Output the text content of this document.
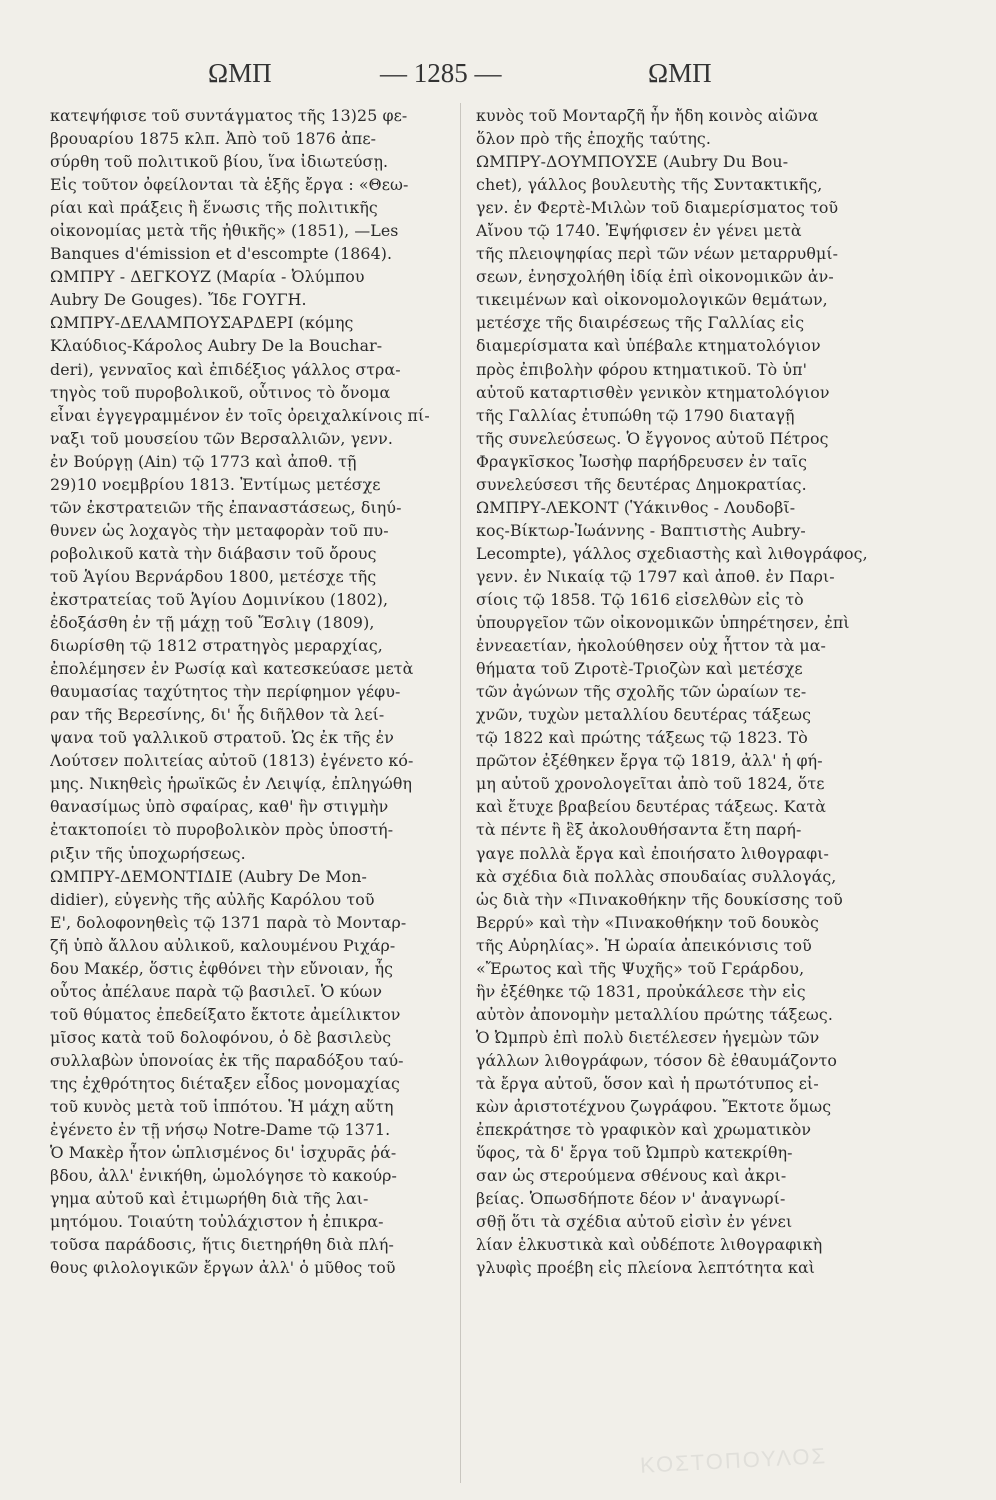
ΩΜΠ	— 1285 —	ΩΜΠ

κατεψήφισε τοῦ συντάγματος τῆς 13)25 φε-

βρουαρίου 1875 κλπ. Ἀπὸ τοῦ 1876 ἀπε-

σύρθη τοῦ πολιτικοῦ βίου, ἵνα ἰδιωτεύσῃ.

Εἰς τοῦτον ὀφείλονται τὰ ἑξῆς ἔργα : «Θεω-

ρίαι καὶ πράξεις ἢ ἕνωσις τῆς πολιτικῆς

οἰκονομίας μετὰ τῆς ἠθικῆς» (1851), —Les

Banques d'émission et d'escompte (1864).

ΩΜΠΡΥ - ΔΕΓΚΟΥΖ (Μαρία - Ὀλύμπου

Aubry De Gouges). Ἴδε ΓΟΥΓΗ.

ΩΜΠΡΥ-ΔΕΛΑΜΠΟΥΣΑΡΔΕΡΙ (κόμης

Κλαύδιος-Κάρολος Aubry De la Bouchar-

deri), γενναῖος καὶ ἐπιδέξιος γάλλος στρα-

τηγὸς τοῦ πυροβολικοῦ, οὗτινος τὸ ὄνομα

εἶναι ἐγγεγραμμένον ἐν τοῖς ὀρειχαλκίνοις πί-

ναξι τοῦ μουσείου τῶν Βερσαλλιῶν, γενν.

ἐν Βούργῃ (Ain) τῷ 1773 καὶ ἀποθ. τῇ

29)10 νοεμβρίου 1813. Ἐντίμως μετέσχε

τῶν ἐκστρατειῶν τῆς ἐπαναστάσεως, διηύ-

θυνεν ὡς λοχαγὸς τὴν μεταφορὰν τοῦ πυ-

ροβολικοῦ κατὰ τὴν διάβασιν τοῦ ὄρους

τοῦ Ἁγίου Βερνάρδου 1800, μετέσχε τῆς

ἐκστρατείας τοῦ Ἁγίου Δομινίκου (1802),

ἐδοξάσθη ἐν τῇ μάχῃ τοῦ Ἔσλιγ (1809),

διωρίσθη τῷ 1812 στρατηγὸς μεραρχίας,

ἐπολέμησεν ἐν Ρωσίᾳ καὶ κατεσκεύασε μετὰ

θαυμασίας ταχύτητος τὴν περίφημον γέφυ-

ραν τῆς Βερεσίνης, δι' ἧς διῆλθον τὰ λεί-

ψανα τοῦ γαλλικοῦ στρατοῦ. Ὡς ἐκ τῆς ἐν

Λούτσεν πολιτείας αὐτοῦ (1813) ἐγένετο κό-

μης. Νικηθεὶς ἡρωϊκῶς ἐν Λειψίᾳ, ἐπληγώθη

θανασίμως ὑπὸ σφαίρας, καθ' ἣν στιγμὴν

ἐτακτοποίει τὸ πυροβολικὸν πρὸς ὑποστή-

ριξιν τῆς ὑποχωρήσεως.

ΩΜΠΡΥ-ΔΕΜΟΝΤΙΔΙΕ (Aubry De Mon-

didier), εὐγενὴς τῆς αὐλῆς Καρόλου τοῦ

Ε', δολοφονηθεὶς τῷ 1371 παρὰ τὸ Μονταρ-

ζῆ ὑπὸ ἄλλου αὐλικοῦ, καλουμένου Ριχάρ-

δου Μακέρ, ὅστις ἐφθόνει τὴν εὔνοιαν, ἧς

οὗτος ἀπέλαυε παρὰ τῷ βασιλεῖ. Ὁ κύων

τοῦ θύματος ἐπεδείξατο ἔκτοτε ἀμείλικτον

μῖσος κατὰ τοῦ δολοφόνου, ὁ δὲ βασιλεὺς

συλλαβὼν ὑπονοίας ἐκ τῆς παραδόξου ταύ-

της ἐχθρότητος διέταξεν εἶδος μονομαχίας

τοῦ κυνὸς μετὰ τοῦ ἱππότου. Ἡ μάχη αὕτη

ἐγένετο ἐν τῇ νήσῳ Notre-Dame τῷ 1371.

Ὁ Μακὲρ ἦτον ὡπλισμένος δι' ἰσχυρᾶς ῥά-

βδου, ἀλλ' ἐνικήθη, ὡμολόγησε τὸ κακούρ-

γημα αὐτοῦ καὶ ἐτιμωρήθη διὰ τῆς λαι-

μητόμου. Τοιαύτη τοὐλάχιστον ἡ ἐπικρα-

τοῦσα παράδοσις, ἥτις διετηρήθη διὰ πλή-

θους φιλολογικῶν ἔργων ἀλλ' ὁ μῦθος τοῦ

κυνὸς τοῦ Μονταρζῆ ἦν ἤδη κοινὸς αἰῶνα

ὅλον πρὸ τῆς ἐποχῆς ταύτης.

ΩΜΠΡΥ-ΔΟΥΜΠΟΥΣΕ (Aubry Du Bou-

chet), γάλλος βουλευτὴς τῆς Συντακτικῆς,

γεν. ἐν Φερτὲ-Μιλὼν τοῦ διαμερίσματος τοῦ

Αἴνου τῷ 1740. Ἐψήφισεν ἐν γένει μετὰ

τῆς πλειοψηφίας περὶ τῶν νέων μεταρρυθμί-

σεων, ἐνησχολήθη ἰδίᾳ ἐπὶ οἰκονομικῶν ἀν-

τικειμένων καὶ οἰκονομολογικῶν θεμάτων,

μετέσχε τῆς διαιρέσεως τῆς Γαλλίας εἰς

διαμερίσματα καὶ ὑπέβαλε κτηματολόγιον

πρὸς ἐπιβολὴν φόρου κτηματικοῦ. Τὸ ὑπ'

αὐτοῦ καταρτισθὲν γενικὸν κτηματολόγιον

τῆς Γαλλίας ἐτυπώθη τῷ 1790 διαταγῇ

τῆς συνελεύσεως. Ὁ ἔγγονος αὐτοῦ Πέτρος

Φραγκῖσκος Ἰωσὴφ παρήδρευσεν ἐν ταῖς

συνελεύσεσι τῆς δευτέρας Δημοκρατίας.

ΩΜΠΡΥ-ΛΕΚΟΝΤ (Ὑάκινθος - Λουδοβῖ-

κος-Βίκτωρ-Ἰωάννης - Βαπτιστὴς Aubry-

Lecompte), γάλλος σχεδιαστὴς καὶ λιθογράφος,

γενν. ἐν Νικαίᾳ τῷ 1797 καὶ ἀποθ. ἐν Παρι-

σίοις τῷ 1858. Τῷ 1616 εἰσελθὼν εἰς τὸ

ὑπουργεῖον τῶν οἰκονομικῶν ὑπηρέτησεν, ἐπὶ

ἐννεαετίαν, ἠκολούθησεν οὐχ ἧττον τὰ μα-

θήματα τοῦ Ζιροτὲ-Τριοζὼν καὶ μετέσχε

τῶν ἀγώνων τῆς σχολῆς τῶν ὡραίων τε-

χνῶν, τυχὼν μεταλλίου δευτέρας τάξεως

τῷ 1822 καὶ πρώτης τάξεως τῷ 1823. Τὸ

πρῶτον ἐξέθηκεν ἔργα τῷ 1819, ἀλλ' ἡ φή-

μη αὐτοῦ χρονολογεῖται ἀπὸ τοῦ 1824, ὅτε

καὶ ἔτυχε βραβείου δευτέρας τάξεως. Κατὰ

τὰ πέντε ἢ ἓξ ἀκολουθήσαντα ἔτη παρή-

γαγε πολλὰ ἔργα καὶ ἐποιήσατο λιθογραφι-

κὰ σχέδια διὰ πολλὰς σπουδαίας συλλογάς,

ὡς διὰ τὴν «Πινακοθήκην τῆς δουκίσσης τοῦ

Βερρύ» καὶ τὴν «Πινακοθήκην τοῦ δουκὸς

τῆς Αὐρηλίας». Ἡ ὡραία ἀπεικόνισις τοῦ

«Ἔρωτος καὶ τῆς Ψυχῆς» τοῦ Γεράρδου,

ἣν ἐξέθηκε τῷ 1831, προὐκάλεσε τὴν εἰς

αὐτὸν ἀπονομὴν μεταλλίου πρώτης τάξεως.

Ὁ Ὠμπρὺ ἐπὶ πολὺ διετέλεσεν ἡγεμὼν τῶν

γάλλων λιθογράφων, τόσον δὲ ἐθαυμάζοντο

τὰ ἔργα αὐτοῦ, ὅσον καὶ ἡ πρωτότυπος εἰ-

κὼν ἀριστοτέχνου ζωγράφου. Ἔκτοτε ὅμως

ἐπεκράτησε τὸ γραφικὸν καὶ χρωματικὸν

ὕφος, τὰ δ' ἔργα τοῦ Ὠμπρὺ κατεκρίθη-

σαν ὡς στερούμενα σθένους καὶ ἀκρι-

βείας. Ὁπωσδήποτε δέον ν' ἀναγνωρί-

σθῇ ὅτι τὰ σχέδια αὐτοῦ εἰσὶν ἐν γένει

λίαν ἑλκυστικὰ καὶ οὐδέποτε λιθογραφικὴ

γλυφὶς προέβη εἰς πλείονα λεπτότητα καὶ

ΚΟΣΤΟΠΟΥΛΟΣ
